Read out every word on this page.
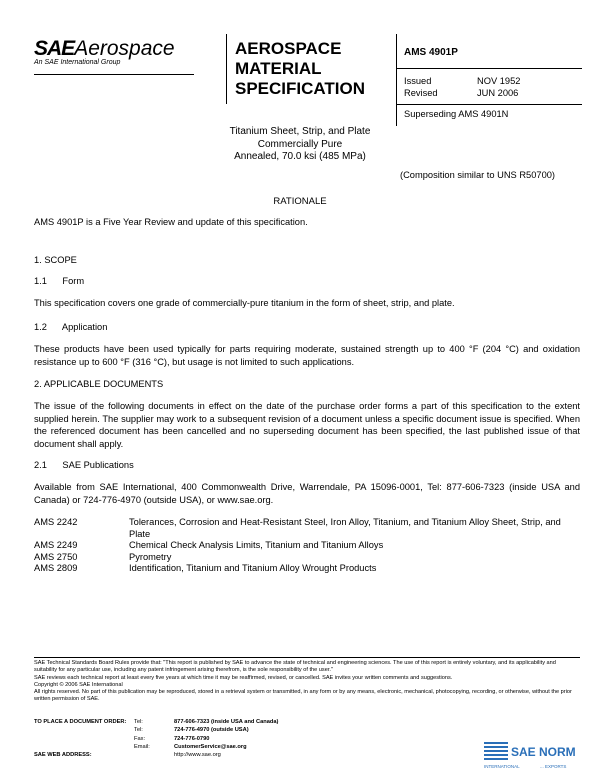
SAEAerospace
An SAE International Group
AEROSPACE
MATERIAL
SPECIFICATION
AMS 4901P
Issued	NOV 1952
Revised	JUN 2006
Superseding AMS 4901N
Titanium Sheet, Strip, and Plate
Commercially Pure
Annealed, 70.0 ksi (485 MPa)
(Composition similar to UNS R50700)
RATIONALE
AMS 4901P is a Five Year Review and update of this specification.
1. SCOPE
1.1      Form
This specification covers one grade of commercially-pure titanium in the form of sheet, strip, and plate.
1.2      Application
These products have been used typically for parts requiring moderate, sustained strength up to 400 °F (204 °C) and oxidation resistance up to 600 °F (316 °C), but usage is not limited to such applications.
2. APPLICABLE DOCUMENTS
The issue of the following documents in effect on the date of the purchase order forms a part of this specification to the extent supplied herein. The supplier may work to a subsequent revision of a document unless a specific document issue is specified. When the referenced document has been cancelled and no superseding document has been specified, the last published issue of that document shall apply.
2.1      SAE Publications
Available from SAE International, 400 Commonwealth Drive, Warrendale, PA 15096-0001, Tel: 877-606-7323 (inside USA and Canada) or 724-776-4970 (outside USA), or www.sae.org.
AMS 2242	Tolerances, Corrosion and Heat-Resistant Steel, Iron Alloy, Titanium, and Titanium Alloy Sheet, Strip, and Plate
AMS 2249	Chemical Check Analysis Limits, Titanium and Titanium Alloys
AMS 2750	Pyrometry
AMS 2809	Identification, Titanium and Titanium Alloy Wrought Products

SAE Technical Standards Board Rules provide that: "This report is published by SAE to advance the state of technical and engineering sciences. The use of this report is entirely voluntary, and its applicability and suitability for any particular use, including any patent infringement arising therefrom, is the sole responsibility of the user."

SAE reviews each technical report at least every five years at which time it may be reaffirmed, revised, or cancelled. SAE invites your written comments and suggestions.

Copyright © 2006 SAE International

All rights reserved. No part of this publication may be reproduced, stored in a retrieval system or transmitted, in any form or by any means, electronic, mechanical, photocopying, recording, or otherwise, without the prior written permission of SAE.

TO PLACE A DOCUMENT ORDER: Tel:	877-606-7323 (inside USA and Canada)
Tel:	724-776-4970 (outside USA)
Fax:	724-776-0790
Email:	CustomerService@sae.org
SAE WEB ADDRESS:	http://www.sae.org	SAE NORM
INTERNATIONAL	... EXPORTS
